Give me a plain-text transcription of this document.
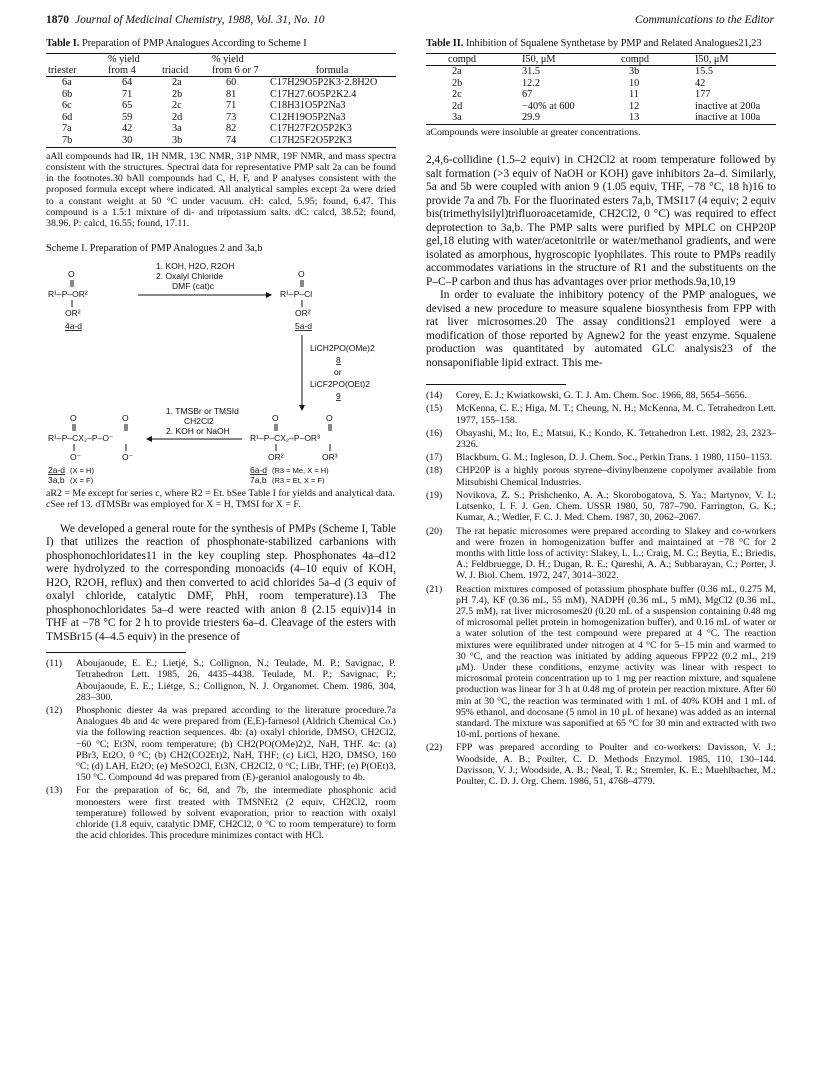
1870 Journal of Medicinal Chemistry, 1988, Vol. 31, No. 10	Communications to the Editor
Table I. Preparation of PMP Analogues According to Scheme I
triester	% yield from 4	triacid	% yield from 6 or 7	formula
6a	64	2a	60	C17H29O5P2K3·2.8H2O
6b	71	2b	81	C17H27.6O5P2K2.4
6c	65	2c	71	C18H31O5P2Na3
6d	59	2d	73	C12H19O5P2Na3
7a	42	3a	82	C17H27F2O5P2K3
7b	30	3b	74	C17H25F2O5P2K3
aAll compounds had IR, 1H NMR, 13C NMR, 31P NMR, 19F NMR, and mass spectra consistent with the structures. Spectral data for representative PMP salt 2a can be found in the footnotes.30 bAll compounds had C, H, F, and P analyses consistent with the proposed formula except where indicated. All analytical samples except 2a were dried to a constant weight at 50 °C under vacuum. cH: calcd, 5.95; found, 6.47. This compound is a 1.5:1 mixture of di- and tripotassium salts. dC: calcd, 38.52; found, 38.96. P: calcd, 16.55; found, 17.11.
Scheme I. Preparation of PMP Analogues 2 and 3a,b
O
R¹–P–OR²
OR²
4a-d
1. KOH, H2O, R2OH
2. Oxalyl Chloride
DMF (cat)c
O
R¹–P–Cl
OR²
5a-d
LiCH2PO(OMe)2
8
or
LiCF2PO(OEt)2
9
O	O
R¹–P–CX₂–P–OR³
OR²	OR³
6a-d (R3 = Me, X = H)
7a,b (R3 = Et, X = F)
1. TMSBr or TMSId
CH2Cl2
2. KOH or NaOH
O	O
R¹–P–CX₂–P–O⁻
O⁻	O⁻
2a-d (X = H)
3a,b (X = F)
aR2 = Me except for series c, where R2 = Et. bSee Table I for yields and analytical data. cSee ref 13. dTMSBr was employed for X = H, TMSI for X = F.

We developed a general route for the synthesis of PMPs (Scheme I, Table I) that utilizes the reaction of phosphonate-stabilized carbanions with phosphonochloridates11 in the key coupling step. Phosphonates 4a–d12 were hydrolyzed to the corresponding monoacids (4–10 equiv of KOH, H2O, R2OH, reflux) and then converted to acid chlorides 5a–d (3 equiv of oxalyl chloride, catalytic DMF, PhH, room temperature).13 The phosphonochloridates 5a–d were reacted with anion 8 (2.15 equiv)14 in THF at −78 °C for 2 h to provide triesters 6a–d. Cleavage of the esters with TMSBr15 (4–4.5 equiv) in the presence of

(11)	Aboujaoude, E. E.; Lietjé, S.; Collignon, N.; Teulade, M. P.; Savignac, P. Tetrahedron Lett. 1985, 26, 4435–4438. Teulade, M. P.; Savignac, P.; Aboujaoude, E. E.; Liétge, S.; Collignon, N. J. Organomet. Chem. 1986, 304, 283–300.
(12)	Phosphonic diester 4a was prepared according to the literature procedure.7a Analogues 4b and 4c were prepared from (E,E)-farnesol (Aldrich Chemical Co.) via the following reaction sequences. 4b: (a) oxalyl chloride, DMSO, CH2Cl2, −60 °C; Et3N, room temperature; (b) CH2(PO(OMe)2)2, NaH, THF. 4c: (a) PBr3, Et2O, 0 °C; (b) CH2(CO2Et)2, NaH, THF; (c) LiCl, H2O, DMSO, 160 °C; (d) LAH, Et2O; (e) MeSO2Cl, Et3N, CH2Cl2, 0 °C; LiBr, THF; (e) P(OEt)3, 150 °C. Compound 4d was prepared from (E)-geraniol analogously to 4b.
(13)	For the preparation of 6c, 6d, and 7b, the intermediate phosphonic acid monoesters were first treated with TMSNEt2 (2 equiv, CH2Cl2, room temperature) followed by solvent evaporation, prior to reaction with oxalyl chloride (1.8 equiv, catalytic DMF, CH2Cl2, 0 °C to room temperature) to form the acid chlorides. This procedure minimizes contact with HCl.
Table II. Inhibition of Squalene Synthetase by PMP and Related Analogues21,23
compd	I50, μM	compd	I50, μM
2a	31.5	3b	15.5
2b	12.2	10	42
2c	67	11	177
2d	−40% at 600	12	inactive at 200a
3a	29.9	13	inactive at 100a
aCompounds were insoluble at greater concentrations.

2,4,6-collidine (1.5–2 equiv) in CH2Cl2 at room temperature followed by salt formation (>3 equiv of NaOH or KOH) gave inhibitors 2a–d. Similarly, 5a and 5b were coupled with anion 9 (1.05 equiv, THF, −78 °C, 18 h)16 to provide 7a and 7b. For the fluorinated esters 7a,b, TMSI17 (4 equiv; 2 equiv bis(trimethylsilyl)trifluoroacetamide, CH2Cl2, 0 °C) was required to effect deprotection to 3a,b. The PMP salts were purified by MPLC on CHP20P gel,18 eluting with water/acetonitrile or water/methanol gradients, and were isolated as amorphous, hygroscopic lyophilates. This route to PMPs readily accommodates variations in the structure of R1 and the substituents on the P–C–P carbon and thus has advantages over prior methods.9a,10,19

In order to evaluate the inhibitory potency of the PMP analogues, we devised a new procedure to measure squalene biosynthesis from FPP with rat liver microsomes.20 The assay conditions21 employed were a modification of those reported by Agnew2 for the yeast enzyme. Squalene production was quantitated by automated GLC analysis23 of the nonsaponifiable lipid extract. This me-

(14)	Corey, E. J.; Kwiatkowski, G. T. J. Am. Chem. Soc. 1966, 88, 5654–5656.
(15)	McKenna, C. E.; Higa, M. T.; Cheung, N. H.; McKenna, M. C. Tetrahedron Lett. 1977, 155–158.
(16)	Obayashi, M.; Ito, E.; Matsui, K.; Kondo, K. Tetrahedron Lett. 1982, 23, 2323–2326.
(17)	Blackburn, G. M.; Ingleson, D. J. Chem. Soc., Perkin Trans. 1 1980, 1150–1153.
(18)	CHP20P is a highly porous styrene–divinylbenzene copolymer available from Mitsubishi Chemical Industries.
(19)	Novikova, Z. S.; Prishchenko, A. A.; Skorobogatova, S. Ya.; Martynov, V. I.; Lutsenko, I. F. J. Gen. Chem. USSR 1980, 50, 787–790. Farrington, G. K.; Kumar, A.; Wedler, F. C. J. Med. Chem. 1987, 30, 2062–2067.
(20)	The rat hepatic microsomes were prepared according to Slakey and co-workers and were frozen in homogenization buffer and maintained at −78 °C for 2 months with little loss of activity: Slakey, L. L.; Craig, M. C.; Beytia, E.; Briedis, A.; Feldbruegge, D. H.; Dugan, R. E.; Qureshi, A. A.; Subbarayan, C.; Porter, J. W. J. Biol. Chem. 1972, 247, 3014–3022.
(21)	Reaction mixtures composed of potassium phosphate buffer (0.36 mL, 0.275 M, pH 7.4), KF (0.36 mL, 55 mM), NADPH (0.36 mL, 5 mM), MgCl2 (0.36 mL, 27.5 mM), rat liver microsomes20 (0.20 mL of a suspension containing 0.48 mg of microsomal pellet protein in homogenization buffer), and 0.16 mL of water or a water solution of the test compound were prepared at 4 °C. The reaction mixtures were equilibrated under nitrogen at 4 °C for 5–15 min and warmed to 30 °C, and the reaction was initiated by adding aqueous FPP22 (0.2 mL, 219 μM). Under these conditions, enzyme activity was linear with respect to microsomal protein concentration up to 1 mg per reaction mixture, and squalene production was linear for 3 h at 0.48 mg of protein per reaction mixture. After 60 min at 30 °C, the reaction was terminated with 1 mL of 40% KOH and 1 mL of 95% ethanol, and docosane (5 nmol in 10 μL of hexane) was added as an internal standard. The mixture was saponified at 65 °C for 30 min and extracted with two 10-mL portions of hexane.
(22)	FPP was prepared according to Poulter and co-workers: Davisson, V. J.; Woodside, A. B.; Poulter, C. D. Methods Enzymol. 1985, 110, 130–144. Davisson, V. J.; Woodside, A. B.; Neal, T. R.; Stremler, K. E.; Muehlbacher, M.; Poulter, C. D. J. Org. Chem. 1986, 51, 4768–4779.
